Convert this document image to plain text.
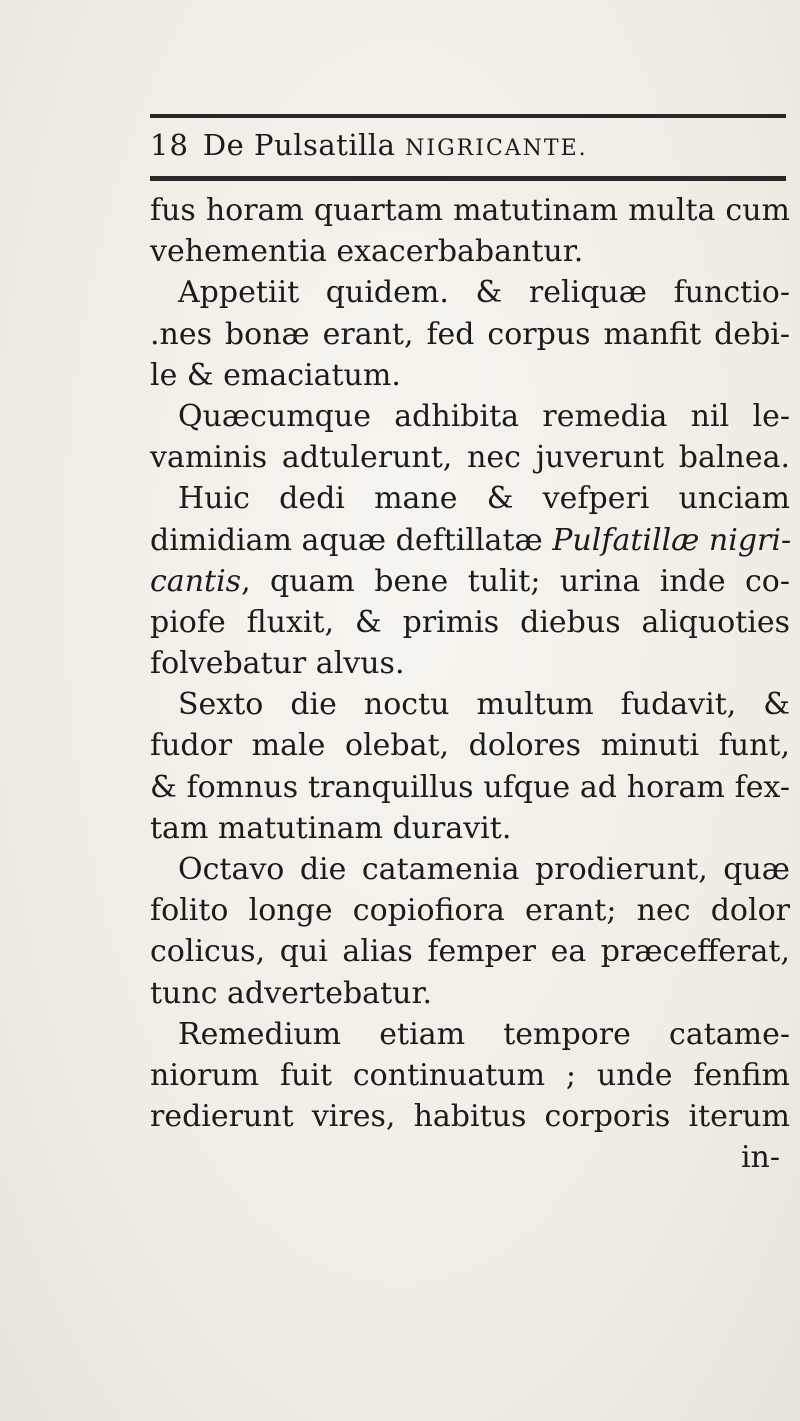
18 De Pulsatilla NIGRICANTE.
fus horam quartam matutinam multa cum
vehementia exacerbabantur.
Appetiit quidem. & reliquæ functio-
.nes bonæ erant, fed corpus manfit debi-
le & emaciatum.
Quæcumque adhibita remedia nil le-
vaminis adtulerunt, nec juverunt balnea.
Huic dedi mane & vefperi unciam
dimidiam aquæ deftillatæ Pulfatillæ nigri-
cantis, quam bene tulit; urina inde co-
piofe fluxit, & primis diebus aliquoties
folvebatur alvus.
Sexto die noctu multum fudavit, &
fudor male olebat, dolores minuti funt,
& fomnus tranquillus ufque ad horam fex-
tam matutinam duravit.
Octavo die catamenia prodierunt, quæ
folito longe copiofiora erant; nec dolor
colicus, qui alias femper ea præcefferat,
tunc advertebatur.
Remedium etiam tempore catame-
niorum fuit continuatum ; unde fenfim
redierunt vires, habitus corporis iterum
in-
